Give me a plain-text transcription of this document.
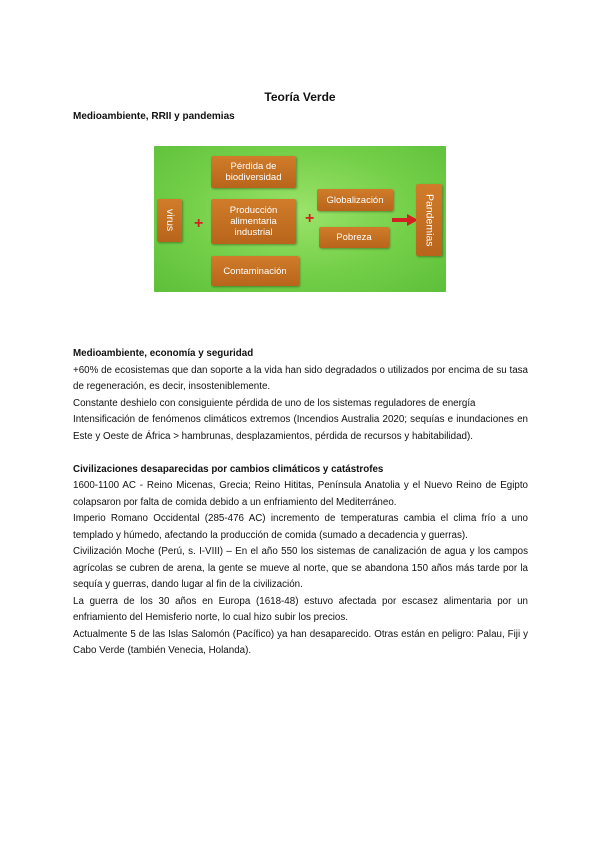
Teoría Verde
Medioambiente, RRII y pandemias
Pérdida de biodiversidad
virus	+
Producción alimentaria industrial
+
Globalización
Pobreza	Pandemias
Contaminación

Medioambiente, economía y seguridad

+60% de ecosistemas que dan soporte a la vida han sido degradados o utilizados por encima de su tasa de regeneración, es decir, insosteniblemente.

Constante deshielo con consiguiente pérdida de uno de los sistemas reguladores de energía

Intensificación de fenómenos climáticos extremos (Incendios Australia 2020; sequías e inundaciones en Este y Oeste de África > hambrunas, desplazamientos, pérdida de recursos y habitabilidad).

Civilizaciones desaparecidas por cambios climáticos y catástrofes

1600-1100 AC - Reino Micenas, Grecia; Reino Hititas, Península Anatolia y el Nuevo Reino de Egipto colapsaron por falta de comida debido a un enfriamiento del Mediterráneo.

Imperio Romano Occidental (285-476 AC) incremento de temperaturas cambia el clima frío a uno templado y húmedo, afectando la producción de comida (sumado a decadencia y guerras).

Civilización Moche (Perú, s. I-VIII) – En el año 550 los sistemas de canalización de agua y los campos agrícolas se cubren de arena, la gente se mueve al norte, que se abandona 150 años más tarde por la sequía y guerras, dando lugar al fin de la civilización.

La guerra de los 30 años en Europa (1618-48) estuvo afectada por escasez alimentaria por un enfriamiento del Hemisferio norte, lo cual hizo subir los precios.

Actualmente 5 de las Islas Salomón (Pacífico) ya han desaparecido. Otras están en peligro: Palau, Fiji y Cabo Verde (también Venecia, Holanda).
